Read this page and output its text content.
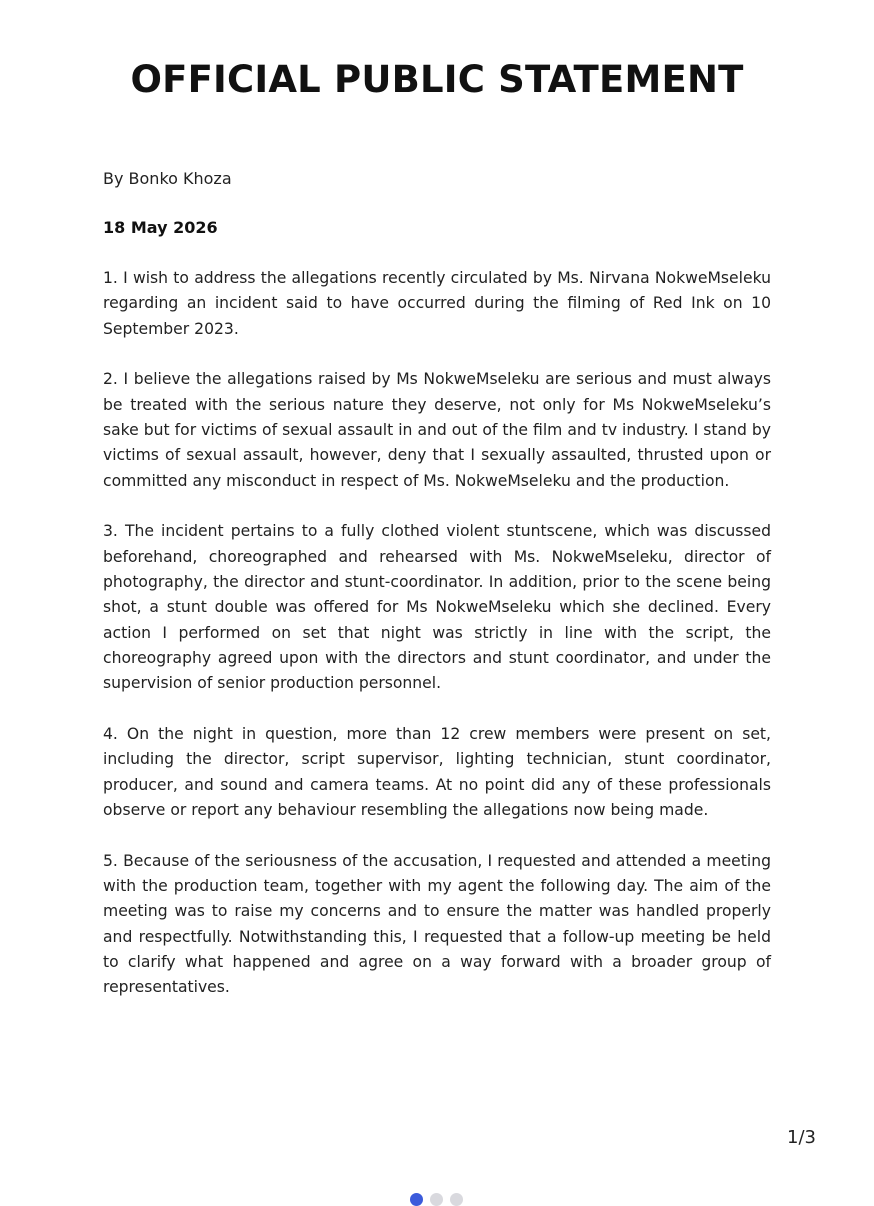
OFFICIAL PUBLIC STATEMENT
By Bonko Khoza
18 May 2026

1. I wish to address the allegations recently circulated by Ms. Nirvana NokweMseleku regarding an incident said to have occurred during the filming of Red Ink on 10 September 2023.

2. I believe the allegations raised by Ms NokweMseleku are serious and must always be treated with the serious nature they deserve, not only for Ms NokweMseleku’s sake but for victims of sexual assault in and out of the film and tv industry. I stand by victims of sexual assault, however, deny that I sexually assaulted, thrusted upon or committed any misconduct in respect of Ms. NokweMseleku and the production.

3. The incident pertains to a fully clothed violent stuntscene, which was discussed beforehand, choreographed and rehearsed with Ms. NokweMseleku, director of photography, the director and stunt-coordinator. In addition, prior to the scene being shot, a stunt double was offered for Ms NokweMseleku which she declined. Every action I performed on set that night was strictly in line with the script, the choreography agreed upon with the directors and stunt coordinator, and under the supervision of senior production personnel.

4. On the night in question, more than 12 crew members were present on set, including the director, script supervisor, lighting technician, stunt coordinator, producer, and sound and camera teams. At no point did any of these professionals observe or report any behaviour resembling the allegations now being made.

5. Because of the seriousness of the accusation, I requested and attended a meeting with the production team, together with my agent the following day. The aim of the meeting was to raise my concerns and to ensure the matter was handled properly and respectfully. Notwithstanding this, I requested that a follow-up meeting be held to clarify what happened and agree on a way forward with a broader group of representatives.

1/3
